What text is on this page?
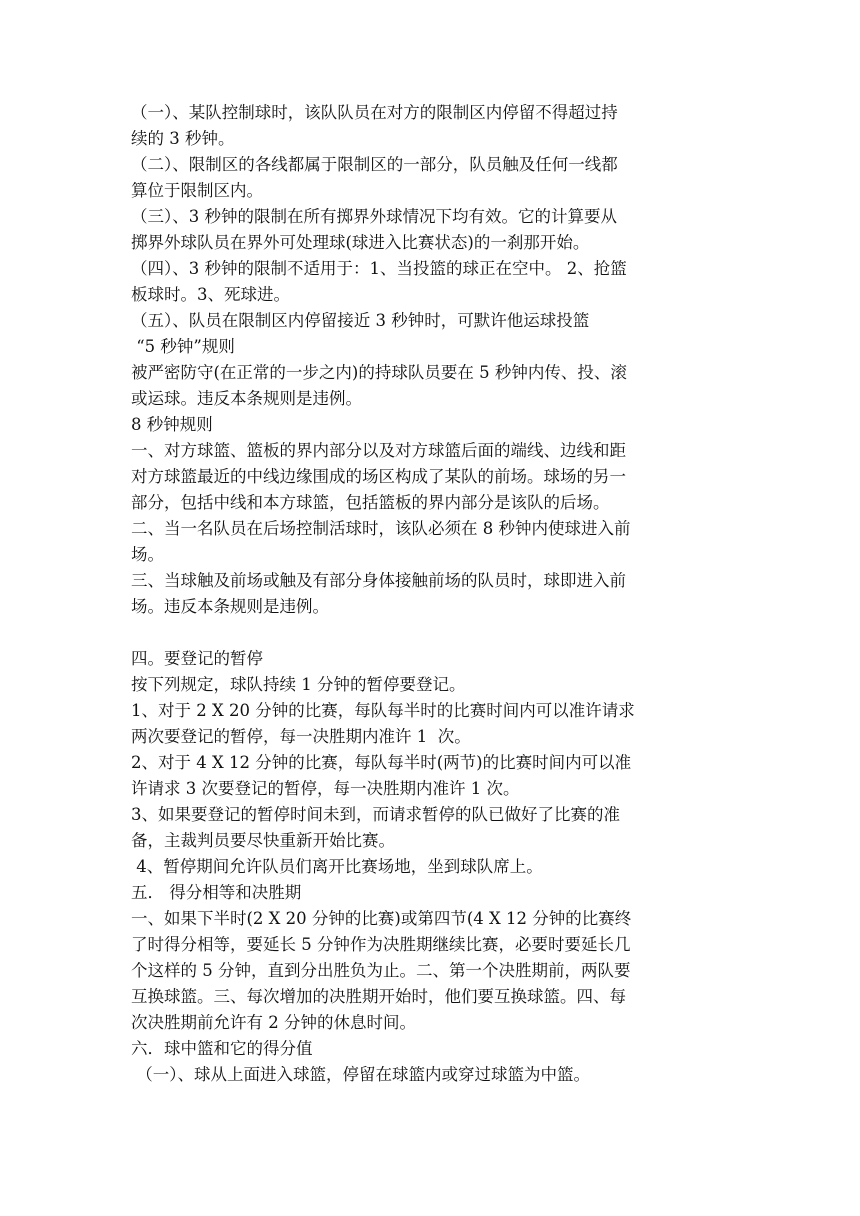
（一）、某队控制球时，该队队员在对方的限制区内停留不得超过持
续的 3 秒钟。
（二）、限制区的各线都属于限制区的一部分，队员触及任何一线都
算位于限制区内。
（三）、3 秒钟的限制在所有掷界外球情况下均有效。它的计算要从
掷界外球队员在界外可处理球(球进入比赛状态)的一刹那开始。
（四）、3 秒钟的限制不适用于：1、当投篮的球正在空中。 2、抢篮
板球时。3、死球进。
（五）、队员在限制区内停留接近 3 秒钟时，可默许他运球投篮
“5 秒钟”规则
被严密防守(在正常的一步之内)的持球队员要在 5 秒钟内传、投、滚
或运球。违反本条规则是违例。
8 秒钟规则
一、对方球篮、篮板的界内部分以及对方球篮后面的端线、边线和距
对方球篮最近的中线边缘围成的场区构成了某队的前场。球场的另一
部分，包括中线和本方球篮，包括篮板的界内部分是该队的后场。
二、当一名队员在后场控制活球时，该队必须在 8 秒钟内使球进入前
场。
三、当球触及前场或触及有部分身体接触前场的队员时，球即进入前
场。违反本条规则是违例。
四。要登记的暂停
按下列规定，球队持续 1 分钟的暂停要登记。
1、对于 2 X 20 分钟的比赛，每队每半时的比赛时间内可以准许请求
两次要登记的暂停，每一决胜期内准许 1  次。
2、对于 4 X 12 分钟的比赛，每队每半时(两节)的比赛时间内可以准
许请求 3 次要登记的暂停，每一决胜期内准许 1 次。
3、如果要登记的暂停时间未到，而请求暂停的队已做好了比赛的准
备，主裁判员要尽快重新开始比赛。
4、暂停期间允许队员们离开比赛场地，坐到球队席上。
五． 得分相等和决胜期
一、如果下半时(2 X 20 分钟的比赛)或第四节(4 X 12 分钟的比赛终
了时得分相等，要延长 5 分钟作为决胜期继续比赛，必要时要延长几
个这样的 5 分钟，直到分出胜负为止。二、第一个决胜期前，两队要
互换球篮。三、每次增加的决胜期开始时，他们要互换球篮。四、每
次决胜期前允许有 2 分钟的休息时间。
六．球中篮和它的得分值
（一）、球从上面进入球篮，停留在球篮内或穿过球篮为中篮。
